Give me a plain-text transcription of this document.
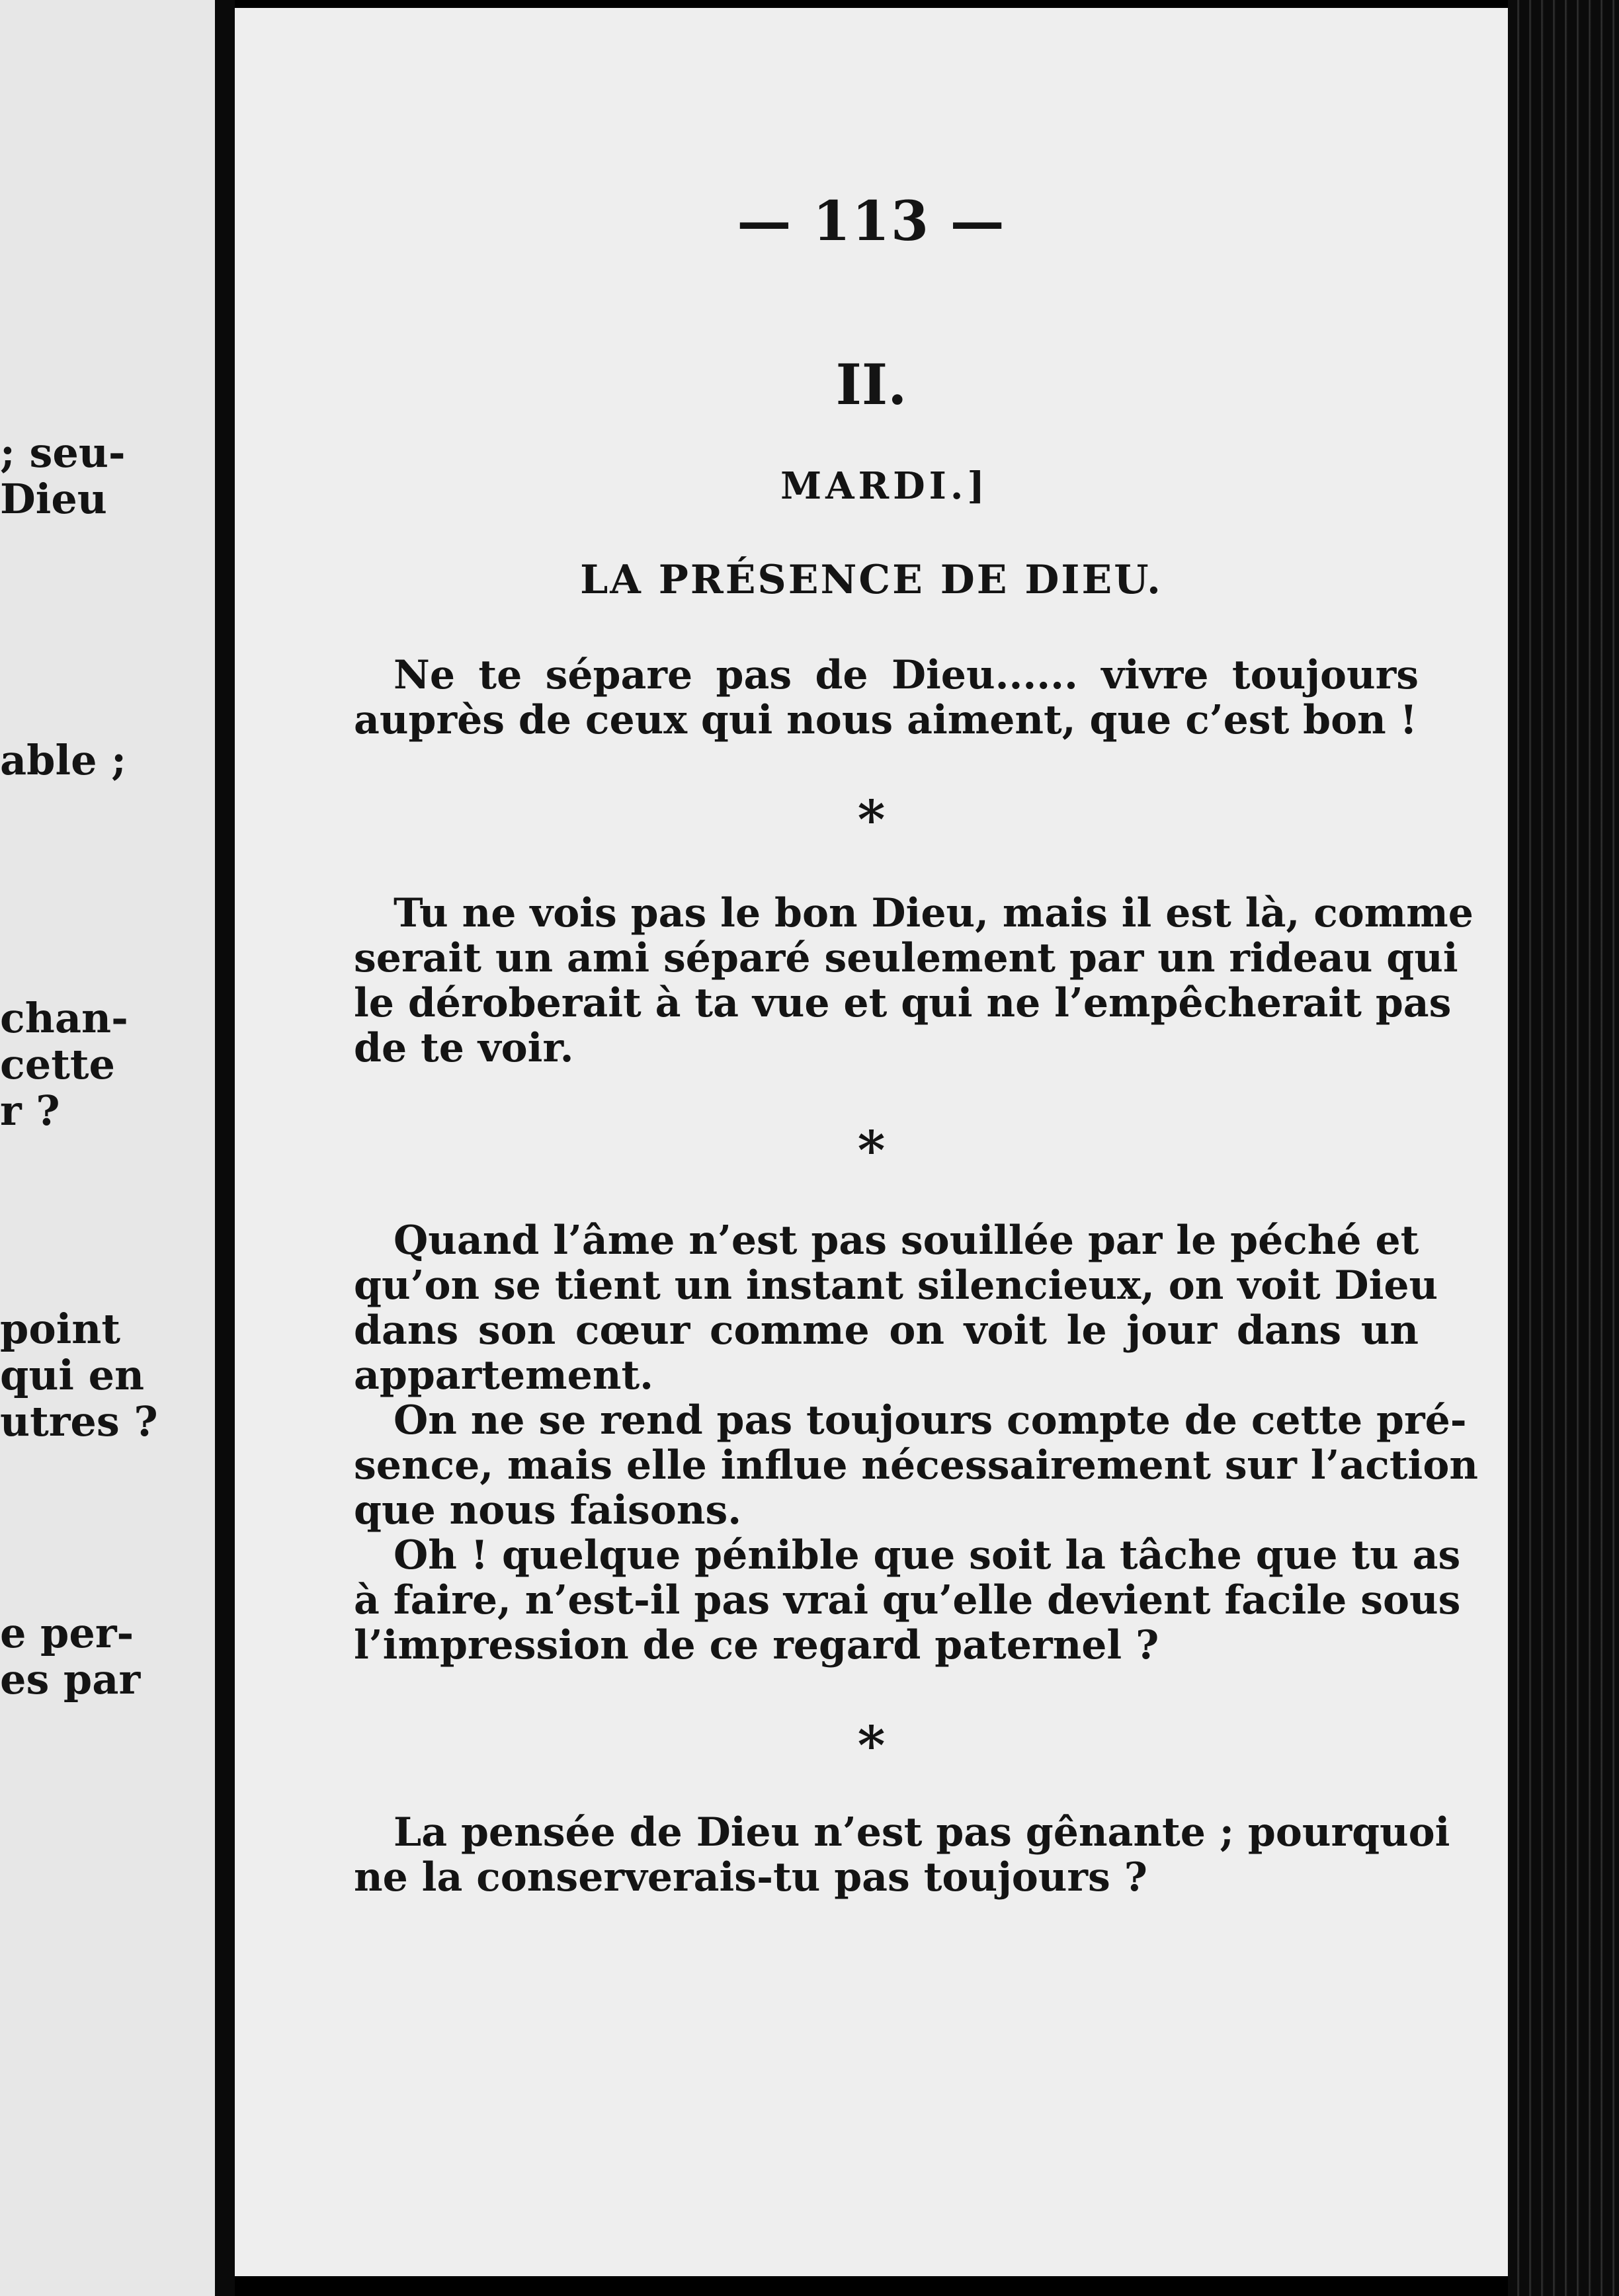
; seu-
Dieu
able ;
chan-
cette
r ?
point
qui en
utres ?
e per-
es par
— 113 —
II.
MARDI.]
LA PRÉSENCE DE DIEU.
Ne te sépare pas de Dieu...... vivre toujours
auprès de ceux qui nous aiment, que c’est bon !
*
Tu ne vois pas le bon Dieu, mais il est là, comme
serait un ami séparé seulement par un rideau qui
le déroberait à ta vue et qui ne l’empêcherait pas
de te voir.
*
Quand l’âme n’est pas souillée par le péché et
qu’on se tient un instant silencieux, on voit Dieu
dans son cœur comme on voit le jour dans un
appartement.
On ne se rend pas toujours compte de cette pré-
sence, mais elle influe nécessairement sur l’action
que nous faisons.
Oh ! quelque pénible que soit la tâche que tu as
à faire, n’est-il pas vrai qu’elle devient facile sous
l’impression de ce regard paternel ?
*
La pensée de Dieu n’est pas gênante ; pourquoi
ne la conserverais-tu pas toujours ?
